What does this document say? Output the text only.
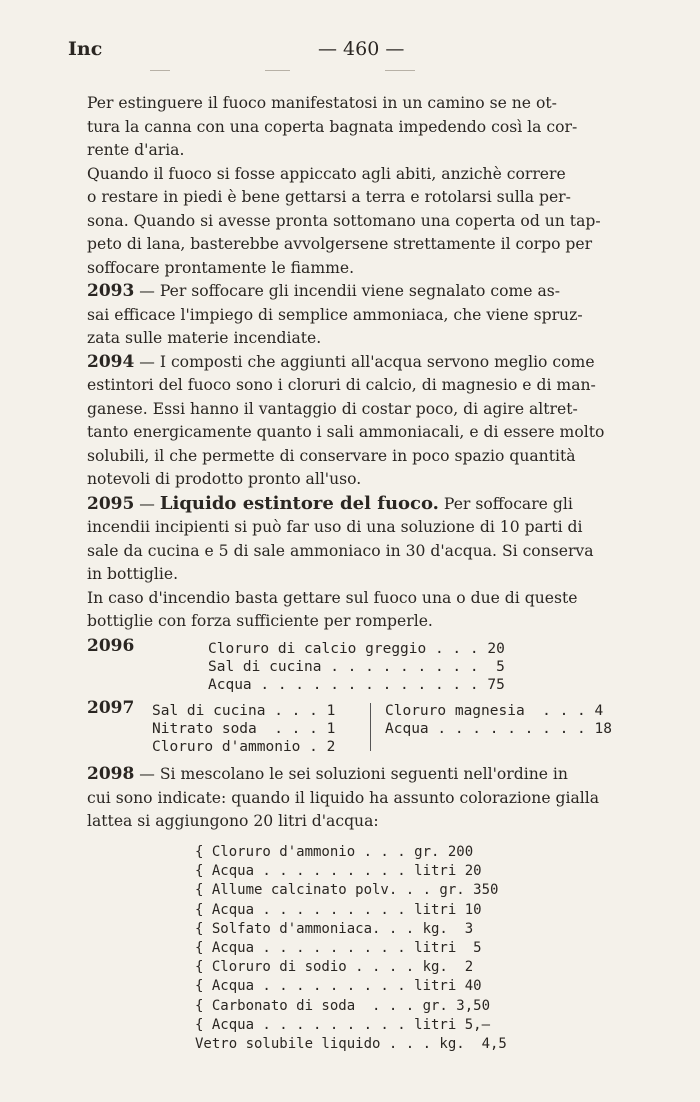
Inc	— 460 —

Per estinguere il fuoco manifestatosi in un camino se ne ot-
tura la canna con una coperta bagnata impedendo così la cor-
rente d'aria.

Quando il fuoco si fosse appiccato agli abiti, anzichè correre
o restare in piedi è bene gettarsi a terra e rotolarsi sulla per-
sona. Quando si avesse pronta sottomano una coperta od un tap-
peto di lana, basterebbe avvolgersene strettamente il corpo per
soffocare prontamente le fiamme.

2093 — Per soffocare gli incendii viene segnalato come as-
sai efficace l'impiego di semplice ammoniaca, che viene spruz-
zata sulle materie incendiate.

2094 — I composti che aggiunti all'acqua servono meglio come
estintori del fuoco sono i cloruri di calcio, di magnesio e di man-
ganese. Essi hanno il vantaggio di costar poco, di agire altret-
tanto energicamente quanto i sali ammoniacali, e di essere molto
solubili, il che permette di conservare in poco spazio quantità
notevoli di prodotto pronto all'uso.

2095 — Liquido estintore del fuoco. Per soffocare gli
incendii incipienti si può far uso di una soluzione di 10 parti di
sale da cucina e 5 di sale ammoniaco in 30 d'acqua. Si conserva
in bottiglie.

In caso d'incendio basta gettare sul fuoco una o due di queste
bottiglie con forza sufficiente per romperle.

2096	Cloruro di calcio greggio . . . 20
Sal di cucina . . . . . . . . .  5
Acqua . . . . . . . . . . . . . 75
2097 Sal di cucina . . . 1
Nitrato soda  . . . 1
Cloruro d'ammonio . 2
Cloruro magnesia  . . . 4
Acqua . . . . . . . . . 18

2098 — Si mescolano le sei soluzioni seguenti nell'ordine in
cui sono indicate: quando il liquido ha assunto colorazione gialla
lattea si aggiungono 20 litri d'acqua:

{ Cloruro d'ammonio . . . gr. 200
{ Acqua . . . . . . . . . litri 20
{ Allume calcinato polv. . . gr. 350
{ Acqua . . . . . . . . . litri 10
{ Solfato d'ammoniaca. . . kg.  3
{ Acqua . . . . . . . . . litri  5
{ Cloruro di sodio . . . . kg.  2
{ Acqua . . . . . . . . . litri 40
{ Carbonato di soda  . . . gr. 3,50
{ Acqua . . . . . . . . . litri 5,—
Vetro solubile liquido . . . kg.  4,5
